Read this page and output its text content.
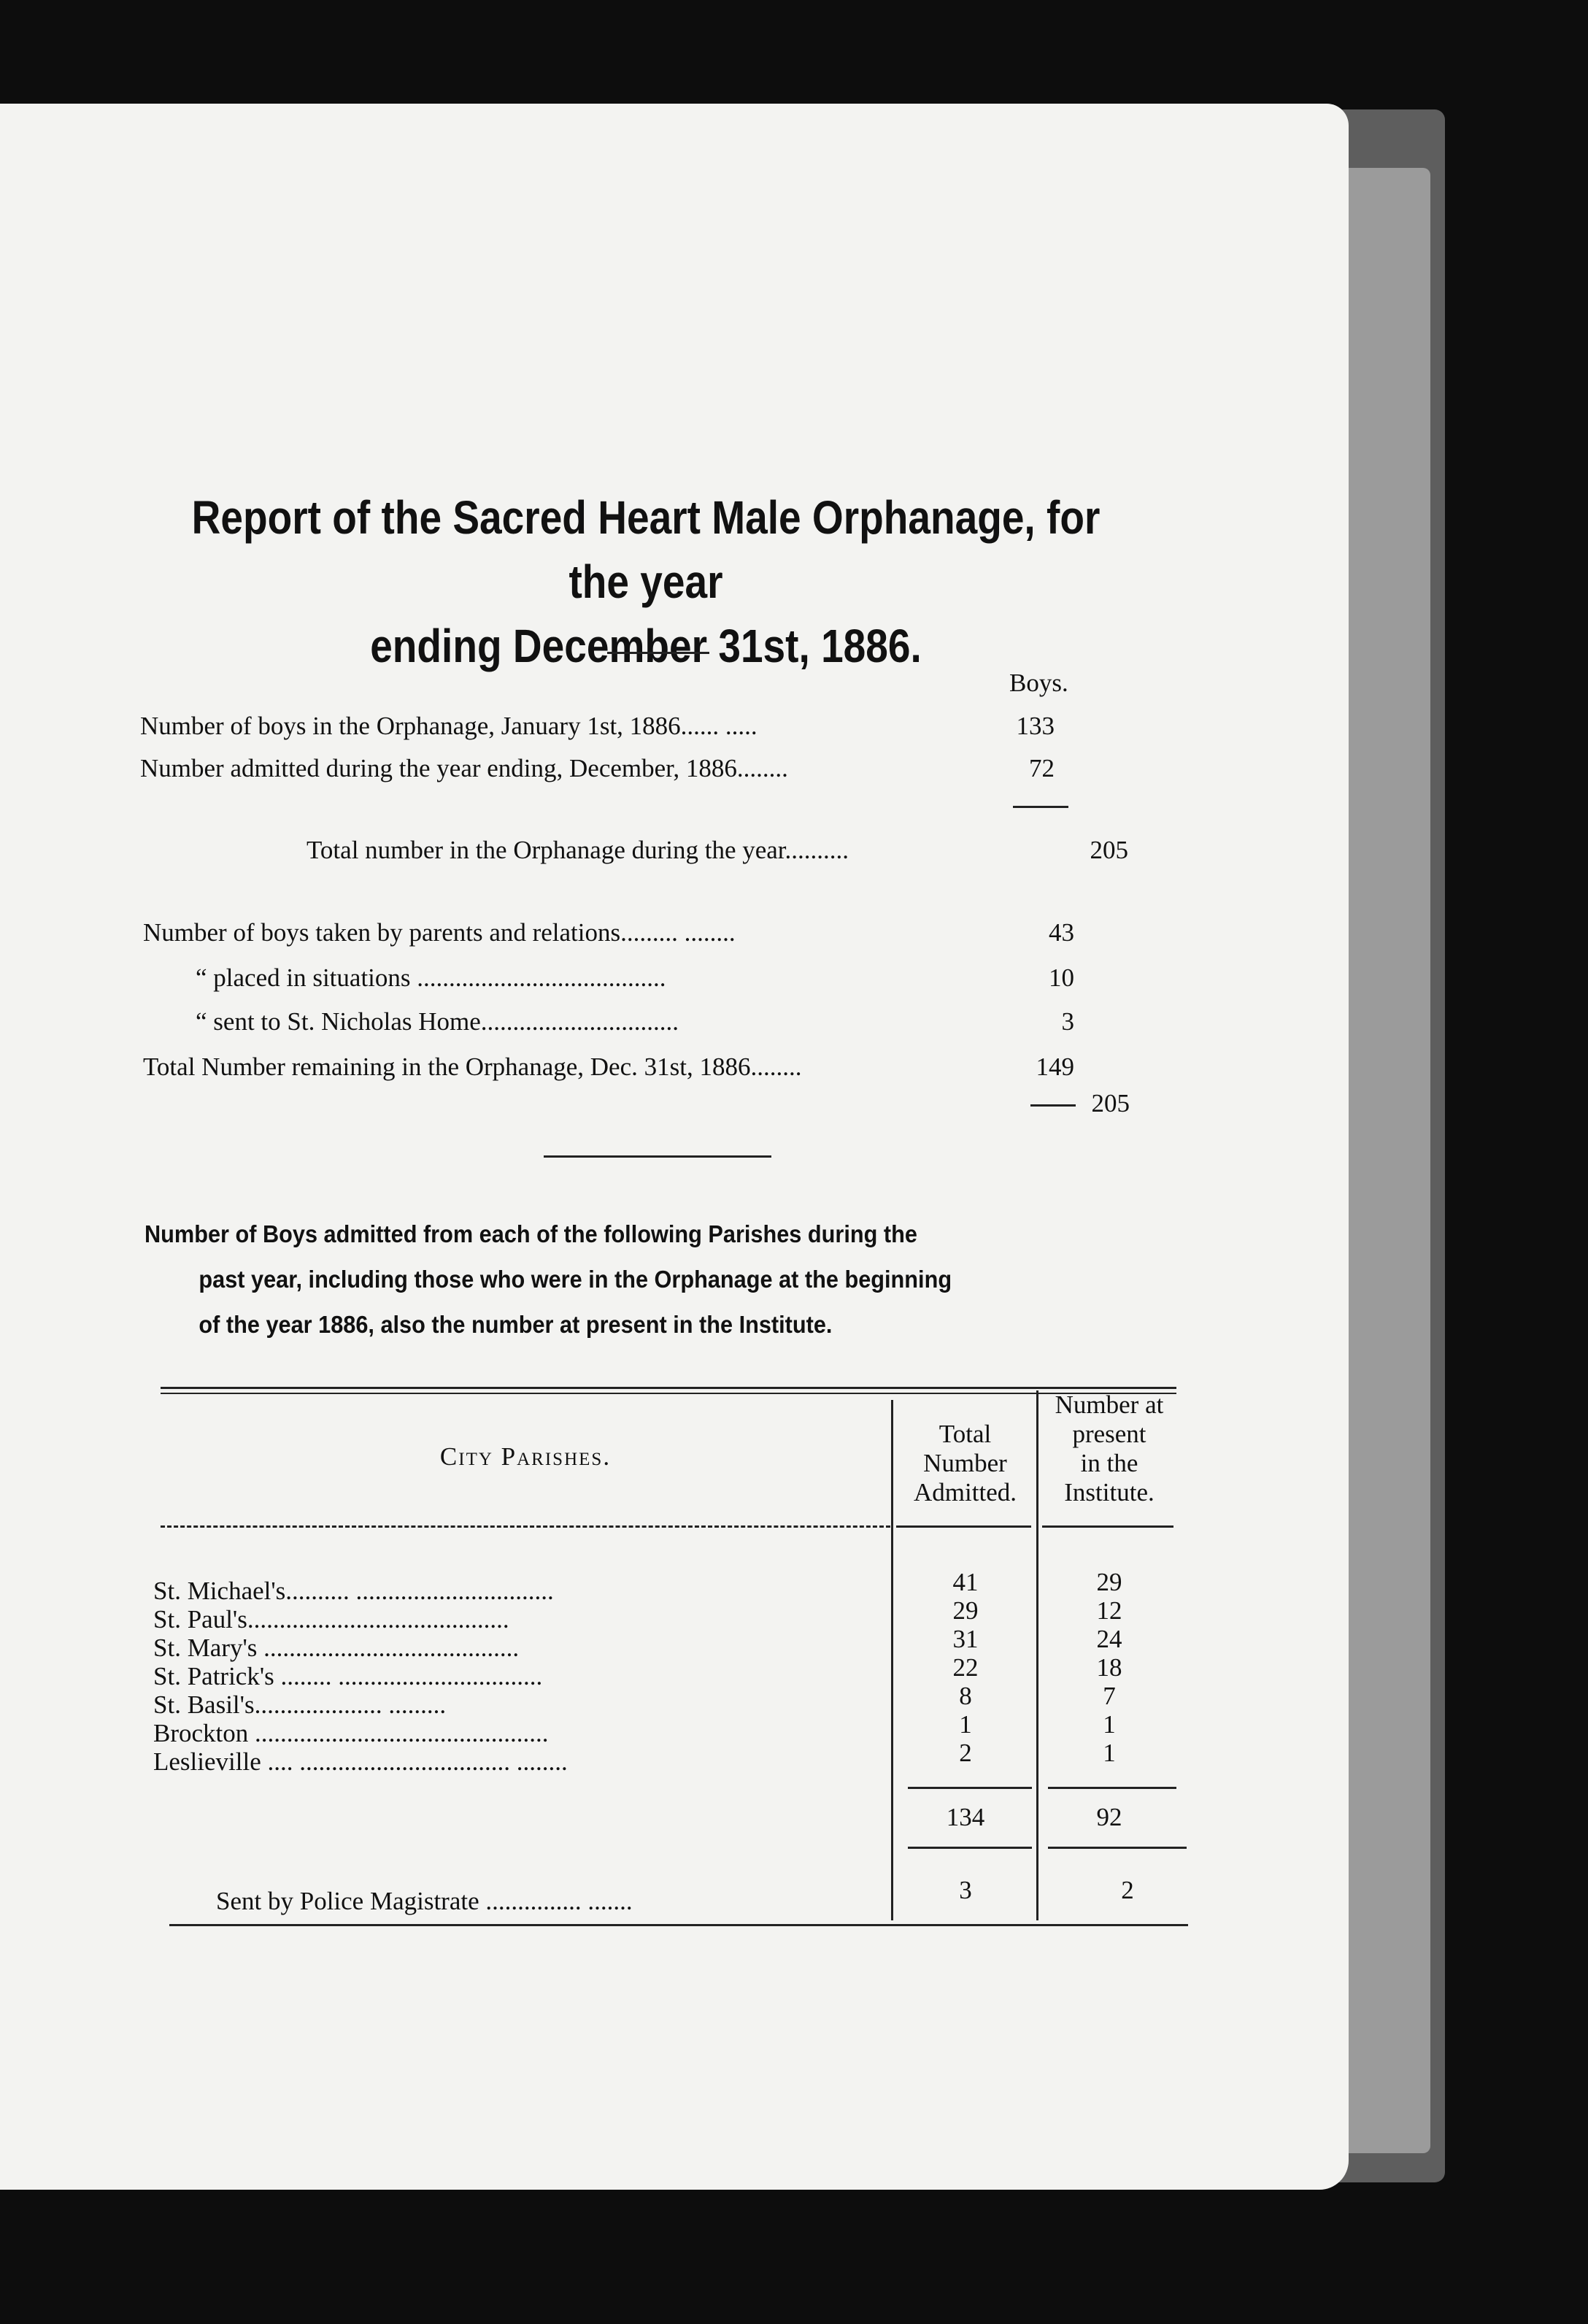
Report of the Sacred Heart Male Orphanage, for the year
ending December 31st, 1886.
Boys.
Number of boys in the Orphanage, January 1st, 1886...... .....	133
Number admitted during the year ending, December, 1886........	72
Total number in the Orphanage during the year..........	205
Number of boys taken by parents and relations......... ........	43
“ placed in situations .......................................	10
“ sent to St. Nicholas Home...............................	3
Total Number remaining in the Orphanage, Dec. 31st, 1886........	149
205
Number of Boys admitted from each of the following Parishes during the
past year, including those who were in the Orphanage at the beginning
of the year 1886, also the number at present in the Institute.
City Parishes.
Total
Number
Admitted.
Number at
present
in the
Institute.
St. Michael's.......... ...............................	41	29
St. Paul's.........................................	29	12
St. Mary's ........................................	31	24
St. Patrick's ........ ................................	22	18
St. Basil's.................... .........	8	7
Brockton ..............................................	1	1
Leslieville .... ................................. ........	2	1
134	92
Sent by Police Magistrate ............... .......	3	2
